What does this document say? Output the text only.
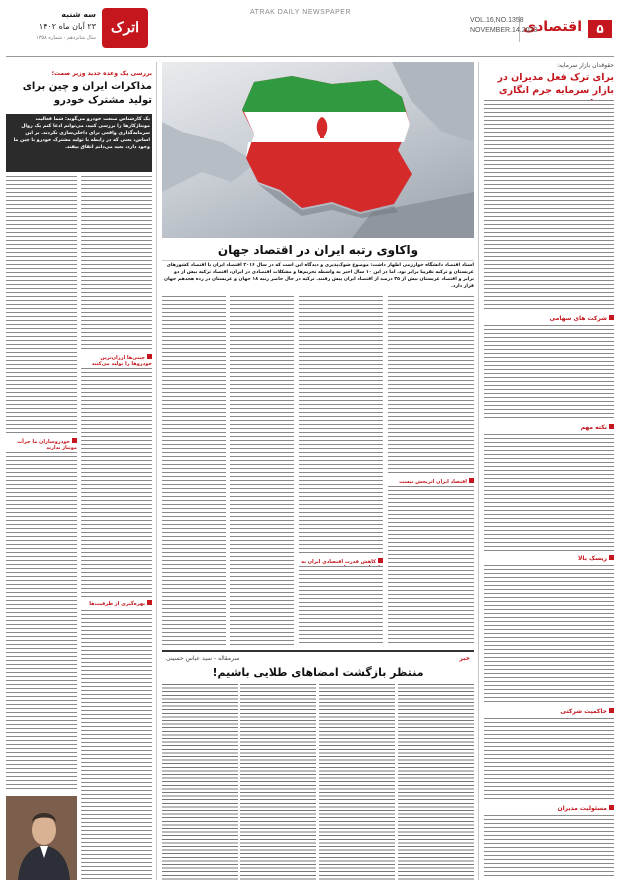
۵
اقتصادی
VOL.16,NO.1358
NOVEMBER.14.2023
ATRAK DAILY NEWSPAPER
اترک
سه شنبه
۲۳ آبان ماه ۱۴۰۲
سال شانزدهم - شماره ۱۳۵۸
حقوقدان بازار سرمایه:
برای ترک فعل مدیران در بازار سرمایه جرم انگاری
شرکت های سهامی
نکته مهم
ریسک بالا
حاکمیت شرکتی
مسئولیت مدیران
واکاوی رتبه ایران در اقتصاد جهان
استاد اقتصاد دانشگاه خوارزمی اظهار داشت: موضوع شوک‌پذیری و دیدگاه این است که در سال ۲۰۱۶ اقتصاد ایران با اقتصاد کشورهای عربستان و ترکیه تقریبا برابر بود. اما در این ۱۰ سال اخیر به واسطه تحریم‌ها و مشکلات اقتصادی در ایران، اقتصاد ترکیه بیش از دو برابر و اقتصاد عربستان بیش از ۳۵ درصد از اقتصاد ایران پیش رفتند. ترکیه در حال حاضر رتبه ۱۸ جهان و عربستان در رده هجدهم جهان قرار دارد.
اقتصاد ایران اثربخش نیست
کاهش قدرت اقتصادی ایران به
خبر
سرمقاله - سید عباس حسینی
منتظر بازگشت امضاهای طلایی باشیم!
بررسی یک وعده جدید وزیر صمت؛
مذاکرات ایران و چین برای تولید مشترک خودرو
یک کارشناس صنعت خودرو می‌گوید: شما فعالیت مونتاژکارها را بررسی کنید، می‌توانم ادعا کنم یک روال سرمایه‌گذاری واقعی برای داخلی‌سازی نکردند. بر این اساس، یعنی که در رابطه با تولید مشترک خودرو با چین ما وجود دارد، بعید می‌دانم اتفاق بیفتد.
چینی‌ها ارزان‌ترین خودروها را تولید می‌کنند
بهره‌گیری از ظرفیت‌ها
خودروسازان ما جرأت مونتاژ ندارند
